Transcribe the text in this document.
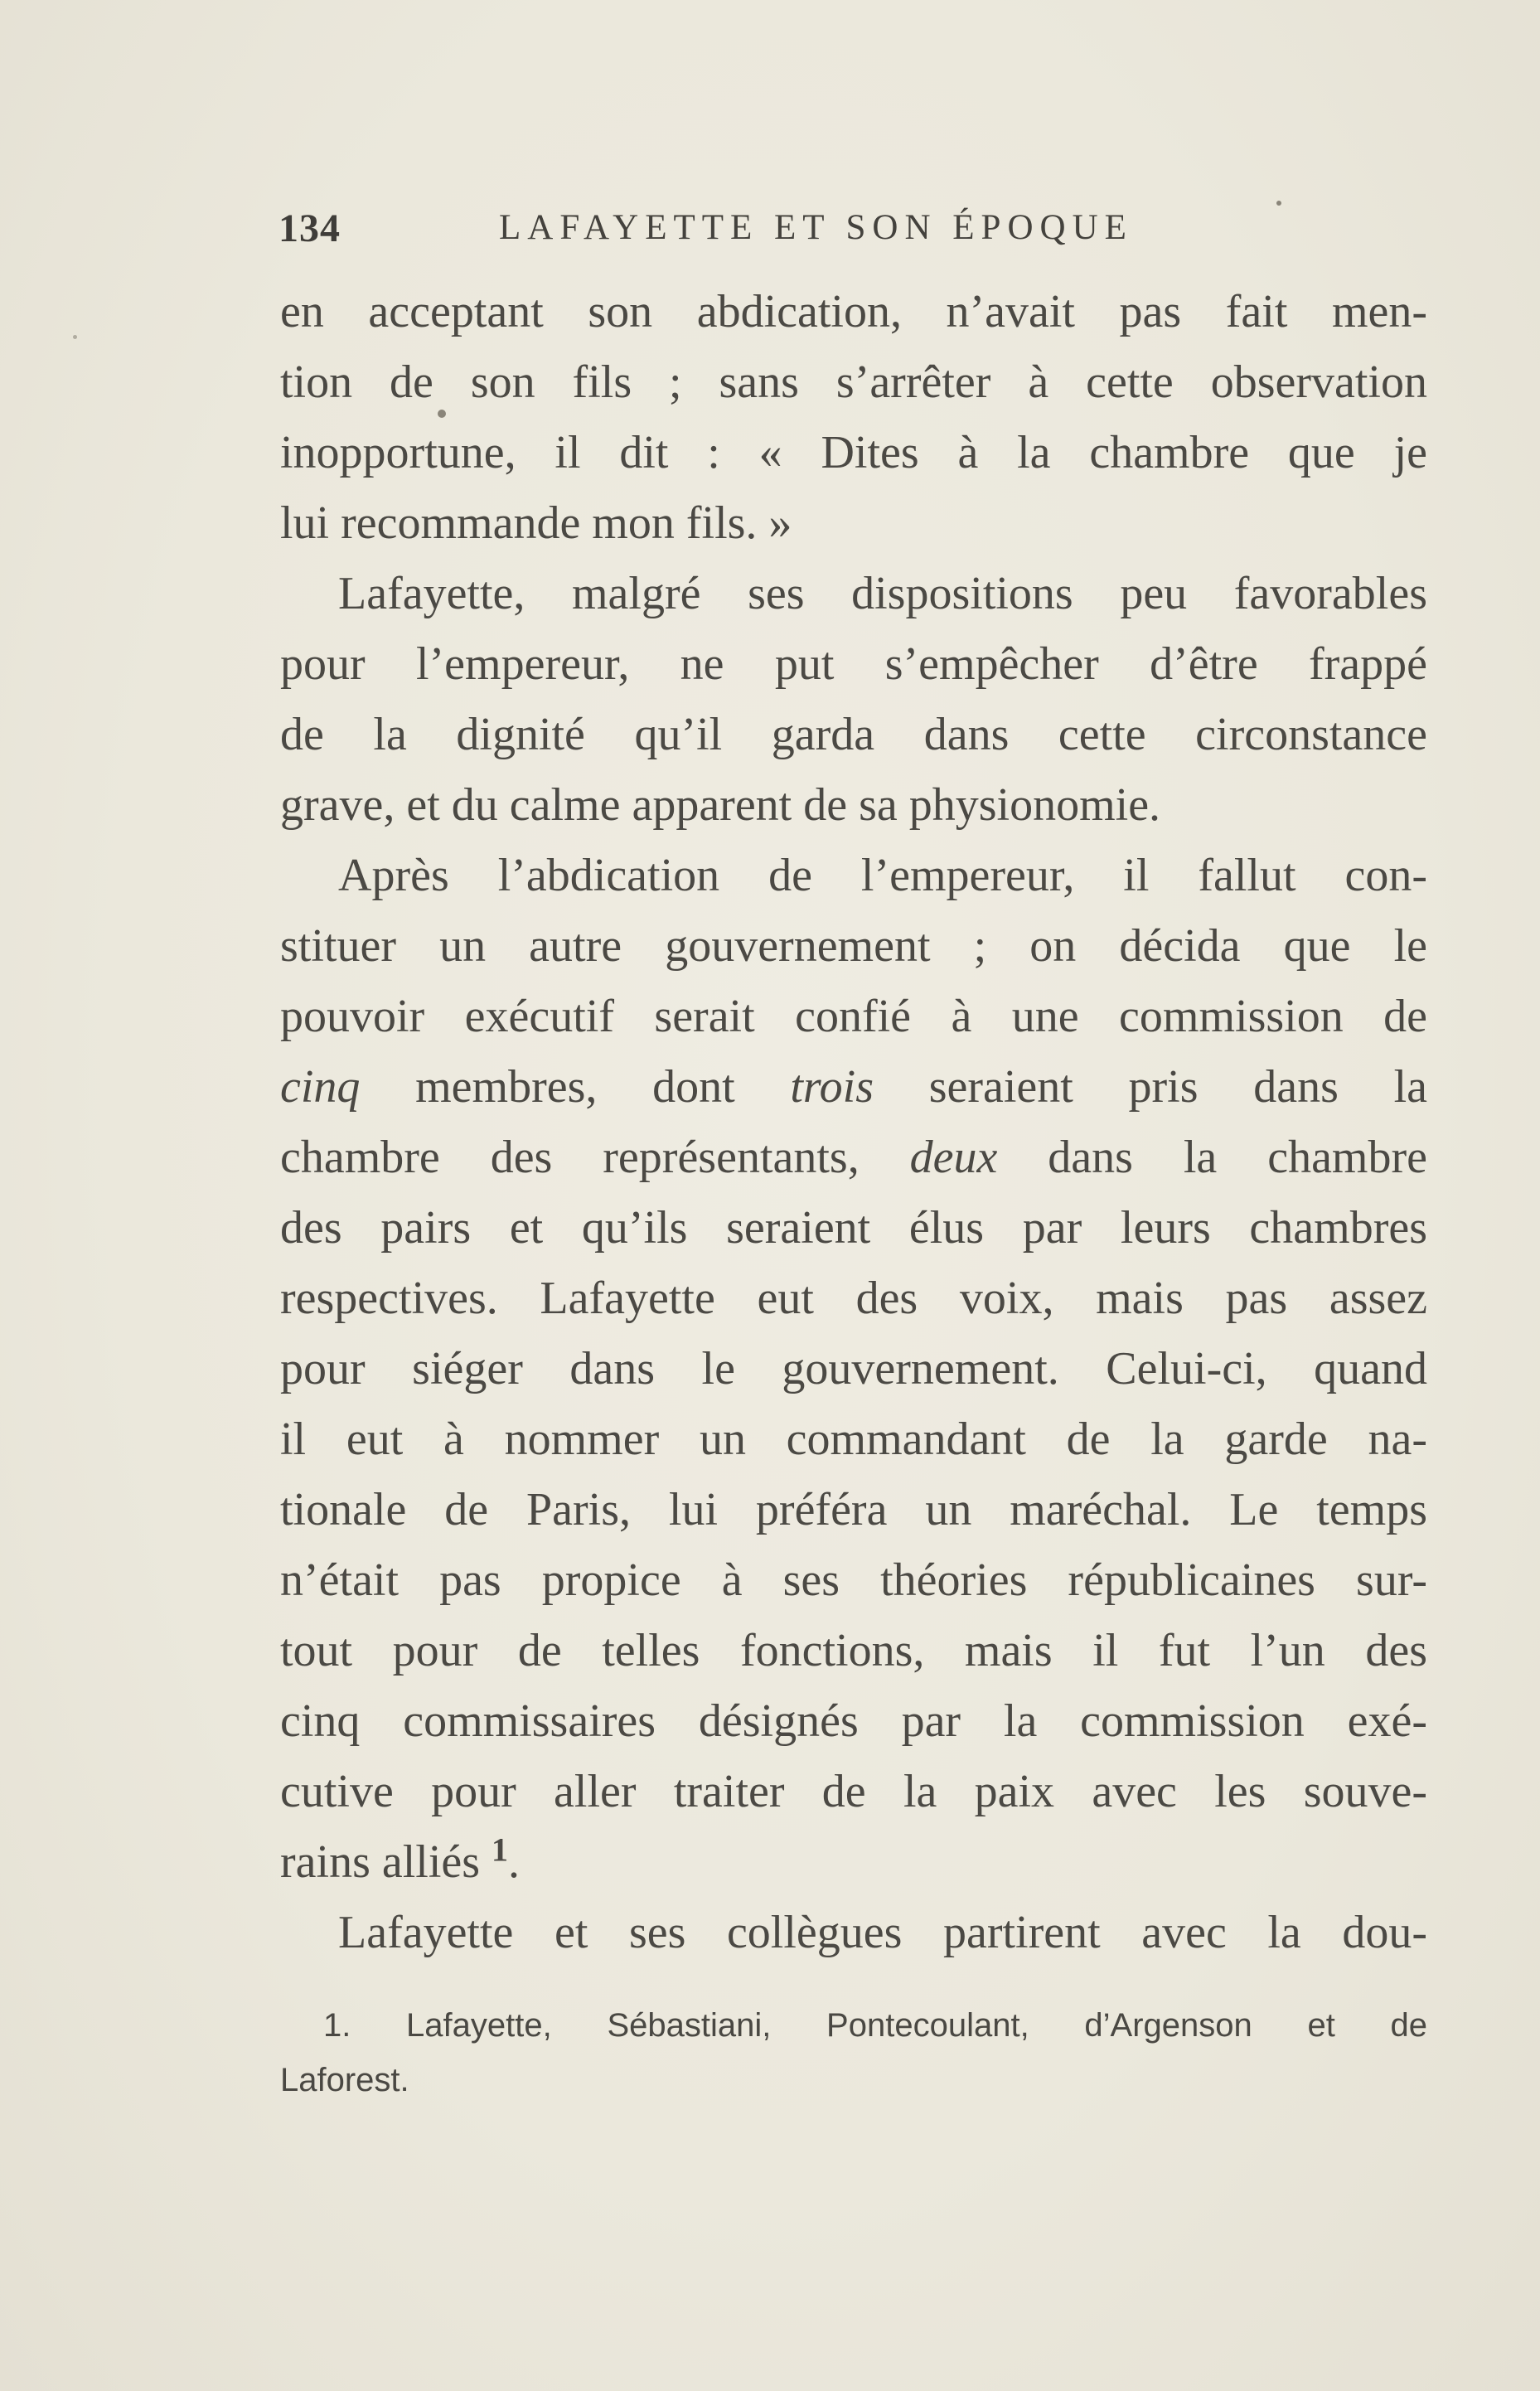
134	LAFAYETTE ET SON ÉPOQUE
en acceptant son abdication, n’avait pas fait men-
tion de son fils ; sans s’arrêter à cette observation
inopportune, il dit : « Dites à la chambre que je
lui recommande mon fils. »
Lafayette, malgré ses dispositions peu favorables
pour l’empereur, ne put s’empêcher d’être frappé
de la dignité qu’il garda dans cette circonstance
grave, et du calme apparent de sa physionomie.
Après l’abdication de l’empereur, il fallut con-
stituer un autre gouvernement ; on décida que le
pouvoir exécutif serait confié à une commission de
cinq membres, dont trois seraient pris dans la
chambre des représentants, deux dans la chambre
des pairs et qu’ils seraient élus par leurs chambres
respectives. Lafayette eut des voix, mais pas assez
pour siéger dans le gouvernement. Celui-ci, quand
il eut à nommer un commandant de la garde na-
tionale de Paris, lui préféra un maréchal. Le temps
n’était pas propice à ses théories républicaines sur-
tout pour de telles fonctions, mais il fut l’un des
cinq commissaires désignés par la commission exé-
cutive pour aller traiter de la paix avec les souve-
rains alliés $^1$.
Lafayette et ses collègues partirent avec la dou-
1. Lafayette, Sébastiani, Pontecoulant, d’Argenson et de
Laforest.
